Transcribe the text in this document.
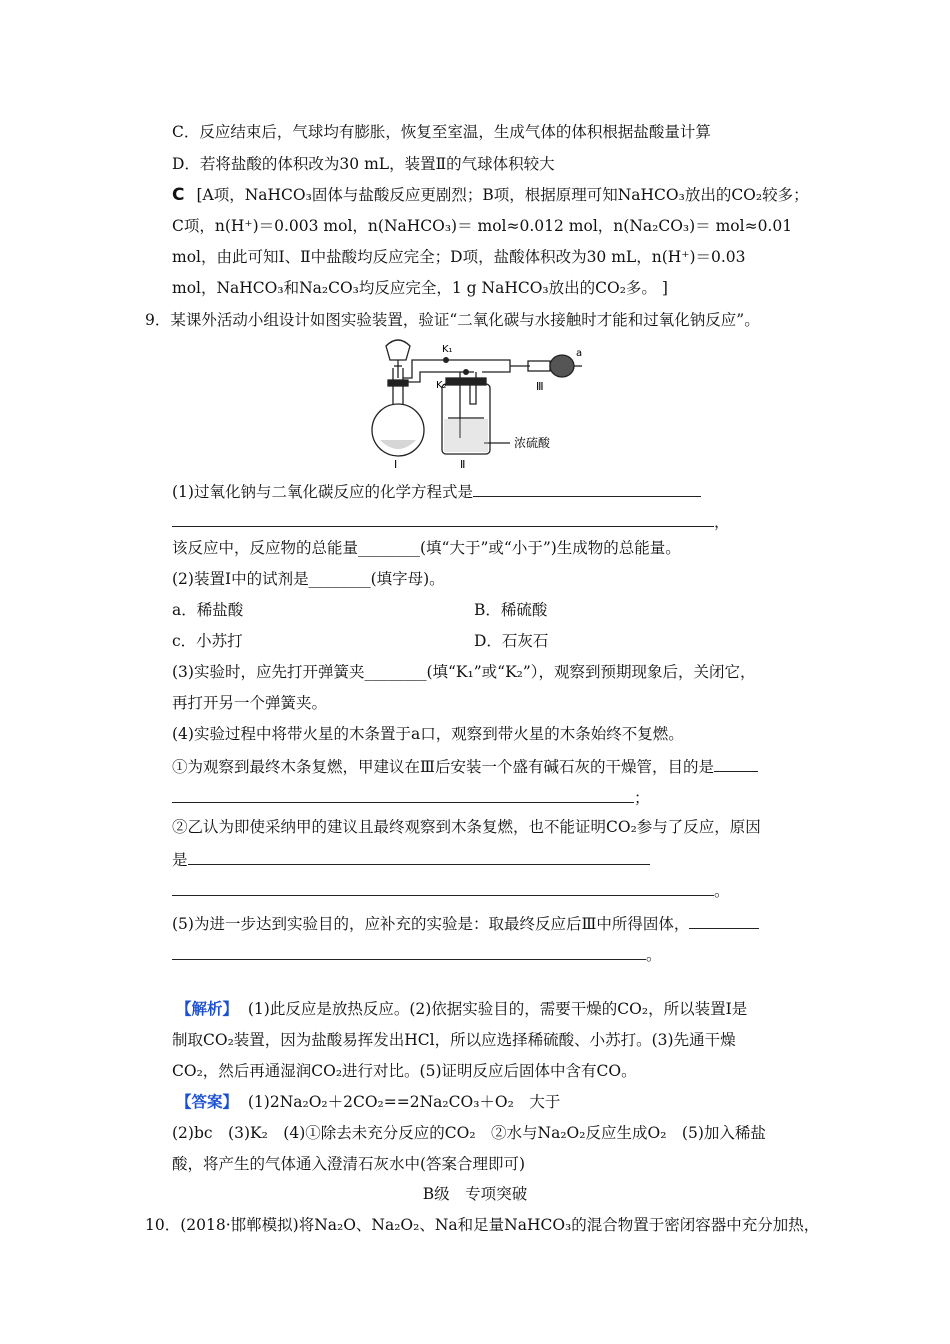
C．反应结束后，气球均有膨胀，恢复至室温，生成气体的体积根据盐酸量计算
D．若将盐酸的体积改为30 mL，装置Ⅱ的气球体积较大
C [A项，NaHCO₃固体与盐酸反应更剧烈；B项，根据原理可知NaHCO₃放出的CO₂较多；
C项，n(H⁺)＝0.003 mol，n(NaHCO₃)＝ mol≈0.012 mol，n(Na₂CO₃)＝ mol≈0.01
mol，由此可知Ⅰ、Ⅱ中盐酸均反应完全；D项，盐酸体积改为30 mL，n(H⁺)＝0.03
mol，NaHCO₃和Na₂CO₃均反应完全，1 g NaHCO₃放出的CO₂多。 ]
9．某课外活动小组设计如图实验装置，验证“二氧化碳与水接触时才能和过氧化钠反应”。
K₁
K₂
a
Ⅲ
Ⅰ	Ⅱ
浓硫酸
(1)过氧化钠与二氧化碳反应的化学方程式是
，
该反应中，反应物的总能量________(填“大于”或“小于”)生成物的总能量。
(2)装置Ⅰ中的试剂是________(填字母)。
a．稀盐酸	B．稀硫酸
c．小苏打	D．石灰石
(3)实验时，应先打开弹簧夹________(填“K₁”或“K₂”），观察到预期现象后，关闭它，
再打开另一个弹簧夹。
(4)实验过程中将带火星的木条置于a口，观察到带火星的木条始终不复燃。
①为观察到最终木条复燃，甲建议在Ⅲ后安装一个盛有碱石灰的干燥管，目的是
；
②乙认为即使采纳甲的建议且最终观察到木条复燃，也不能证明CO₂参与了反应，原因
是
。
(5)为进一步达到实验目的，应补充的实验是：取最终反应后Ⅲ中所得固体，
。
【解析】 (1)此反应是放热反应。(2)依据实验目的，需要干燥的CO₂，所以装置Ⅰ是
制取CO₂装置，因为盐酸易挥发出HCl，所以应选择稀硫酸、小苏打。(3)先通干燥
CO₂，然后再通湿润CO₂进行对比。(5)证明反应后固体中含有CO。
【答案】 (1)2Na₂O₂＋2CO₂==2Na₂CO₃＋O₂　大于
(2)bc　(3)K₂　(4)①除去未充分反应的CO₂　②水与Na₂O₂反应生成O₂　(5)加入稀盐
酸，将产生的气体通入澄清石灰水中(答案合理即可)
B级　专项突破
10．(2018·邯郸模拟)将Na₂O、Na₂O₂、Na和足量NaHCO₃的混合物置于密闭容器中充分加热，
